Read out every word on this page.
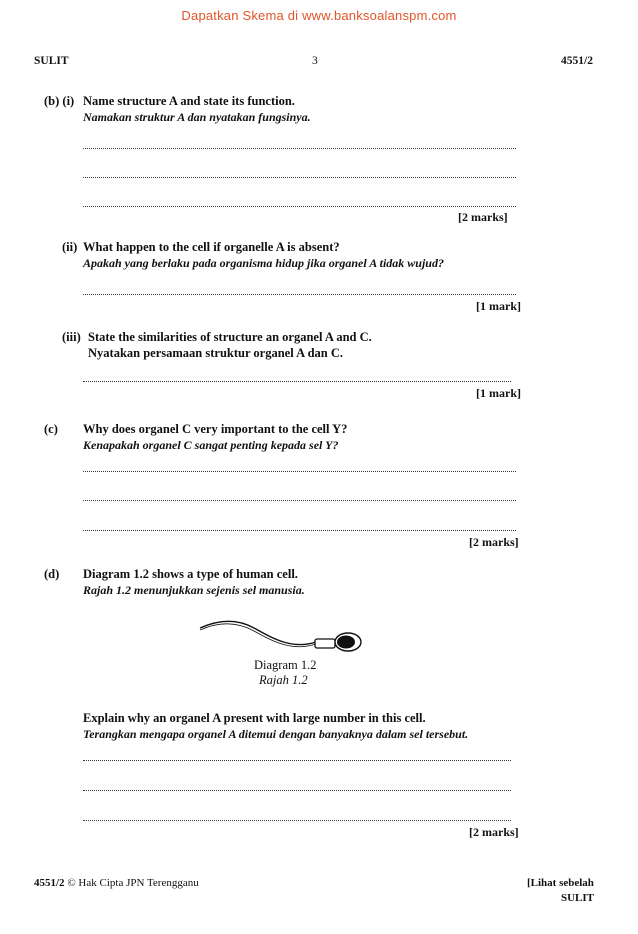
Dapatkan Skema di www.banksoalanspm.com
SULIT	3	4551/2
(b) (i) Name structure A and state its function.
Namakan struktur A dan nyatakan fungsinya.
[2 marks]
(ii) What happen to the cell if organelle A is absent?
Apakah yang berlaku pada organisma hidup jika organel A tidak wujud?
[1 mark]
(iii) State the similarities of structure an organel A and C.
Nyatakan persamaan struktur organel A dan C.
[1 mark]
(c) Why does organel C very important to the cell Y?
Kenapakah organel C sangat penting kepada sel Y?
[2 marks]
(d) Diagram 1.2 shows a type of human cell.
Rajah 1.2 menunjukkan sejenis sel manusia.
Diagram 1.2
Rajah 1.2
Explain why an organel A present with large number in this cell.
Terangkan mengapa organel A ditemui dengan banyaknya dalam sel tersebut.
[2 marks]
4551/2 © Hak Cipta JPN Terengganu	[Lihat sebelah
SULIT
